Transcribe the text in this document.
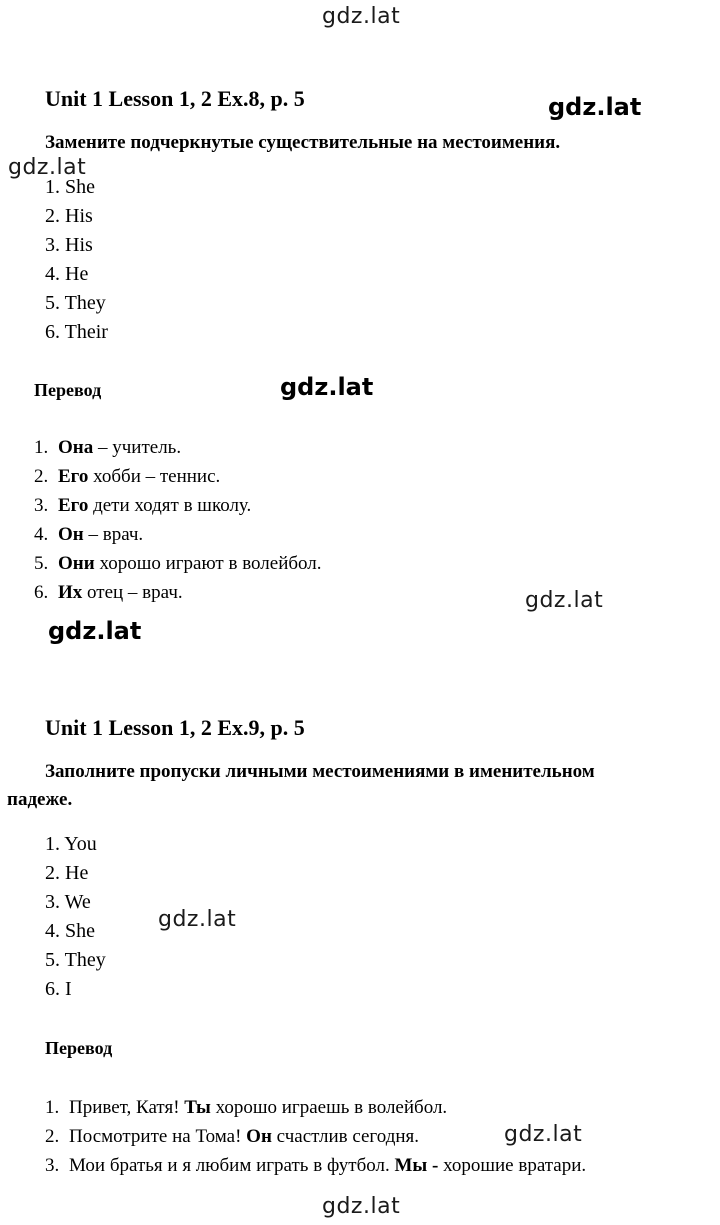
gdz.lat
gdz.lat
gdz.lat
gdz.lat
gdz.lat
gdz.lat
gdz.lat
gdz.lat
gdz.lat
Unit 1 Lesson 1, 2 Ex.8, p. 5
Замените подчеркнутые существительные на местоимения.
1. She
2. His
3. His
4. He
5. They
6. Their
Перевод
1. Она – учитель.
2. Его хобби – теннис.
3. Его дети ходят в школу.
4. Он – врач.
5. Они хорошо играют в волейбол.
6. Их отец – врач.
Unit 1 Lesson 1, 2 Ex.9, p. 5
Заполните пропуски личными местоимениями в именительном
падеже.
1. You
2. He
3. We
4. She
5. They
6. I
Перевод
1. Привет, Катя! Ты хорошо играешь в волейбол.
2. Посмотрите на Тома! Он счастлив сегодня.
3. Мои братья и я любим играть в футбол. Мы - хорошие вратари.
